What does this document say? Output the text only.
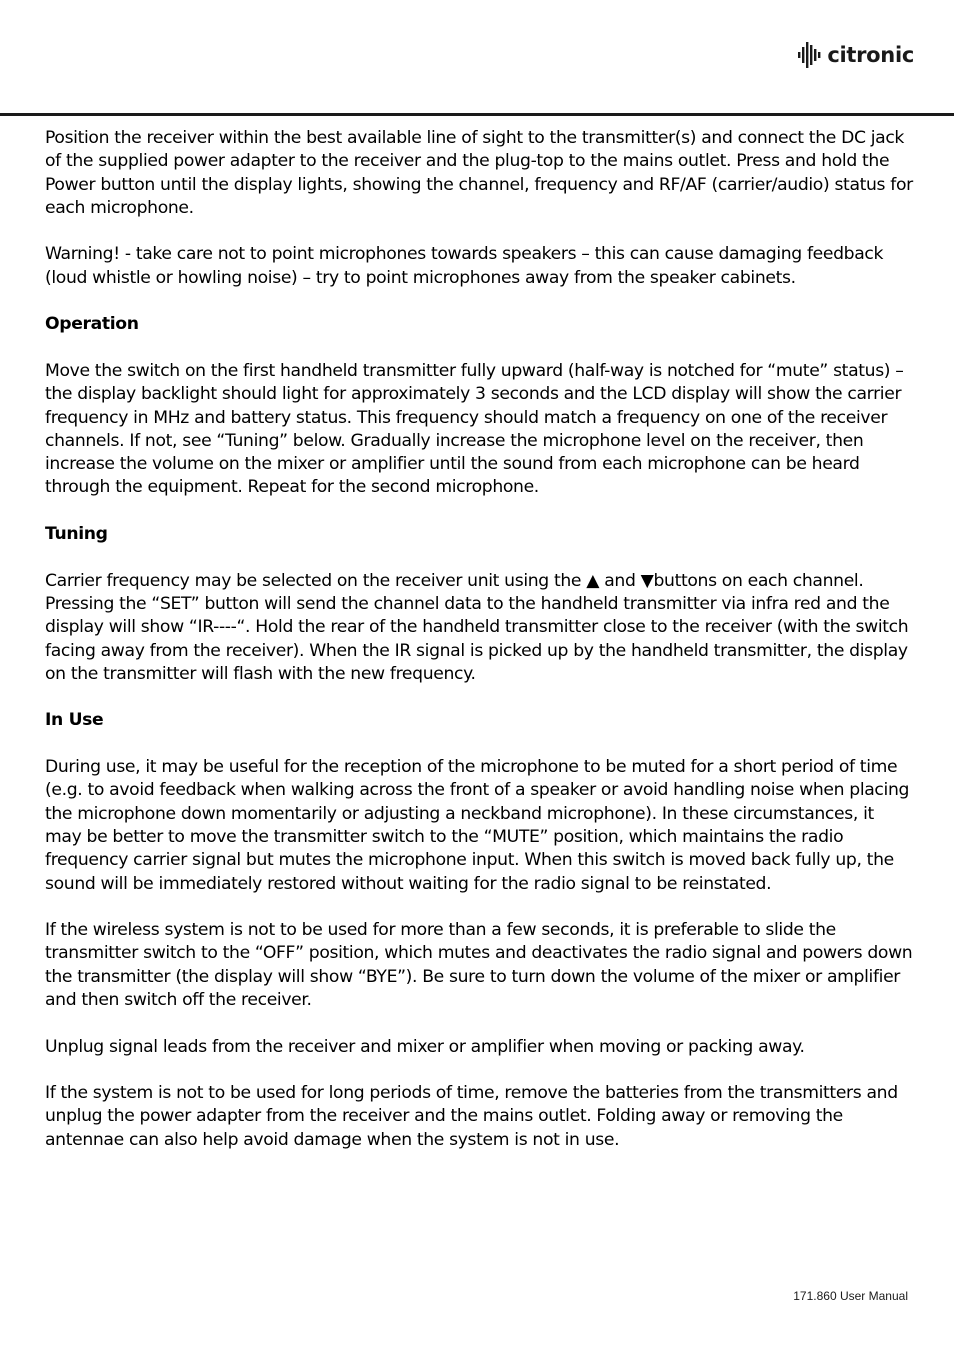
citronic

Position the receiver within the best available line of sight to the transmitter(s) and connect the DC jack of the supplied power adapter to the receiver and the plug-top to the mains outlet. Press and hold the Power button until the display lights, showing the channel, frequency and RF/AF (carrier/audio) status for each microphone.

Warning! - take care not to point microphones towards speakers – this can cause damaging feedback (loud whistle or howling noise) – try to point microphones away from the speaker cabinets.

Operation

Move the switch on the first handheld transmitter fully upward (half-way is notched for “mute” status) – the display backlight should light for approximately 3 seconds and the LCD display will show the carrier frequency in MHz and battery status. This frequency should match a frequency on one of the receiver channels. If not, see “Tuning” below. Gradually increase the microphone level on the receiver, then increase the volume on the mixer or amplifier until the sound from each microphone can be heard through the equipment. Repeat for the second microphone.

Tuning

Carrier frequency may be selected on the receiver unit using the ▲ and ▼buttons on each channel. Pressing the “SET” button will send the channel data to the handheld transmitter via infra red and the display will show “IR----“. Hold the rear of the handheld transmitter close to the receiver (with the switch facing away from the receiver). When the IR signal is picked up by the handheld transmitter, the display on the transmitter will flash with the new frequency.

In Use

During use, it may be useful for the reception of the microphone to be muted for a short period of time (e.g. to avoid feedback when walking across the front of a speaker or avoid handling noise when placing the microphone down momentarily or adjusting a neckband microphone). In these circumstances, it may be better to move the transmitter switch to the “MUTE” position, which maintains the radio frequency carrier signal but mutes the microphone input. When this switch is moved back fully up, the sound will be immediately restored without waiting for the radio signal to be reinstated.

If the wireless system is not to be used for more than a few seconds, it is preferable to slide the transmitter switch to the “OFF” position, which mutes and deactivates the radio signal and powers down the transmitter (the display will show “BYE”). Be sure to turn down the volume of the mixer or amplifier and then switch off the receiver.

Unplug signal leads from the receiver and mixer or amplifier when moving or packing away.

If the system is not to be used for long periods of time, remove the batteries from the transmitters and unplug the power adapter from the receiver and the mains outlet. Folding away or removing the antennae can also help avoid damage when the system is not in use.

171.860 User Manual
